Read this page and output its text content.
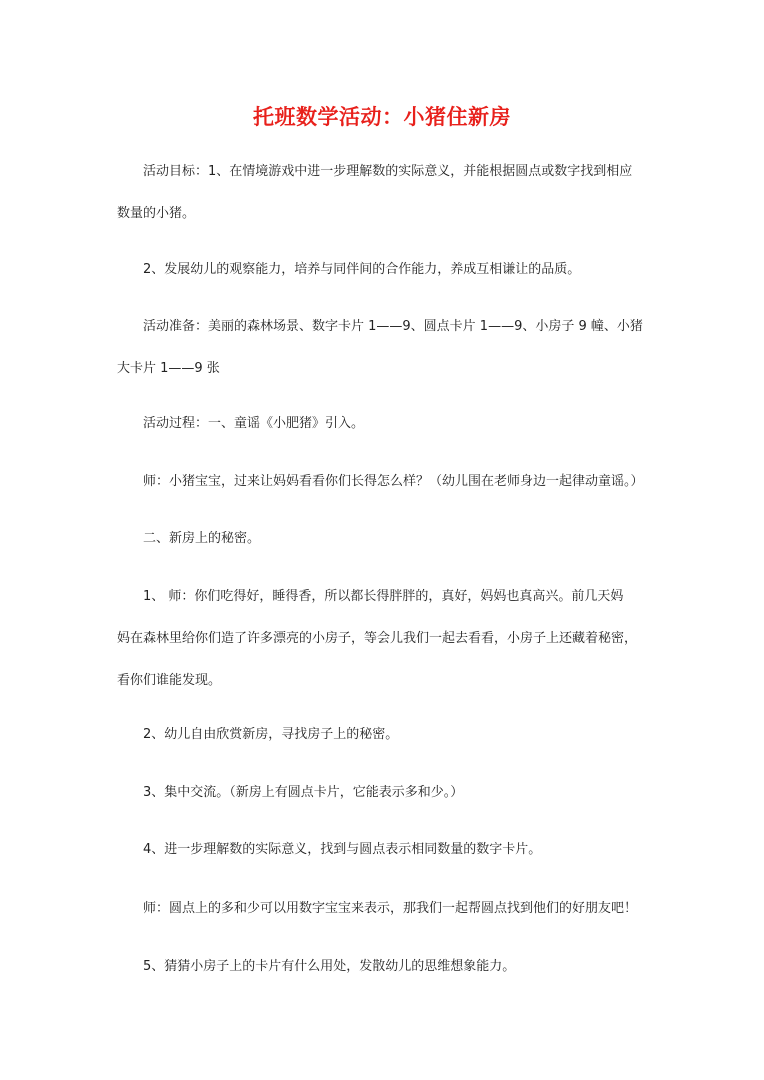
托班数学活动：小猪住新房
活动目标：1、在情境游戏中进一步理解数的实际意义，并能根据圆点或数字找到相应
数量的小猪。
2、发展幼儿的观察能力，培养与同伴间的合作能力，养成互相谦让的品质。
活动准备：美丽的森林场景、数字卡片 1——9、圆点卡片 1——9、小房子 9 幢、小猪
大卡片 1——9 张
活动过程：一、童谣《小肥猪》引入。
师：小猪宝宝，过来让妈妈看看你们长得怎么样？（幼儿围在老师身边一起律动童谣。）
二、新房上的秘密。
1、 师：你们吃得好，睡得香，所以都长得胖胖的，真好，妈妈也真高兴。前几天妈
妈在森林里给你们造了许多漂亮的小房子，等会儿我们一起去看看，小房子上还藏着秘密，
看你们谁能发现。
2、幼儿自由欣赏新房，寻找房子上的秘密。
3、集中交流。（新房上有圆点卡片，它能表示多和少。）
4、进一步理解数的实际意义，找到与圆点表示相同数量的数字卡片。
师：圆点上的多和少可以用数字宝宝来表示，那我们一起帮圆点找到他们的好朋友吧！
5、猜猜小房子上的卡片有什么用处，发散幼儿的思维想象能力。
